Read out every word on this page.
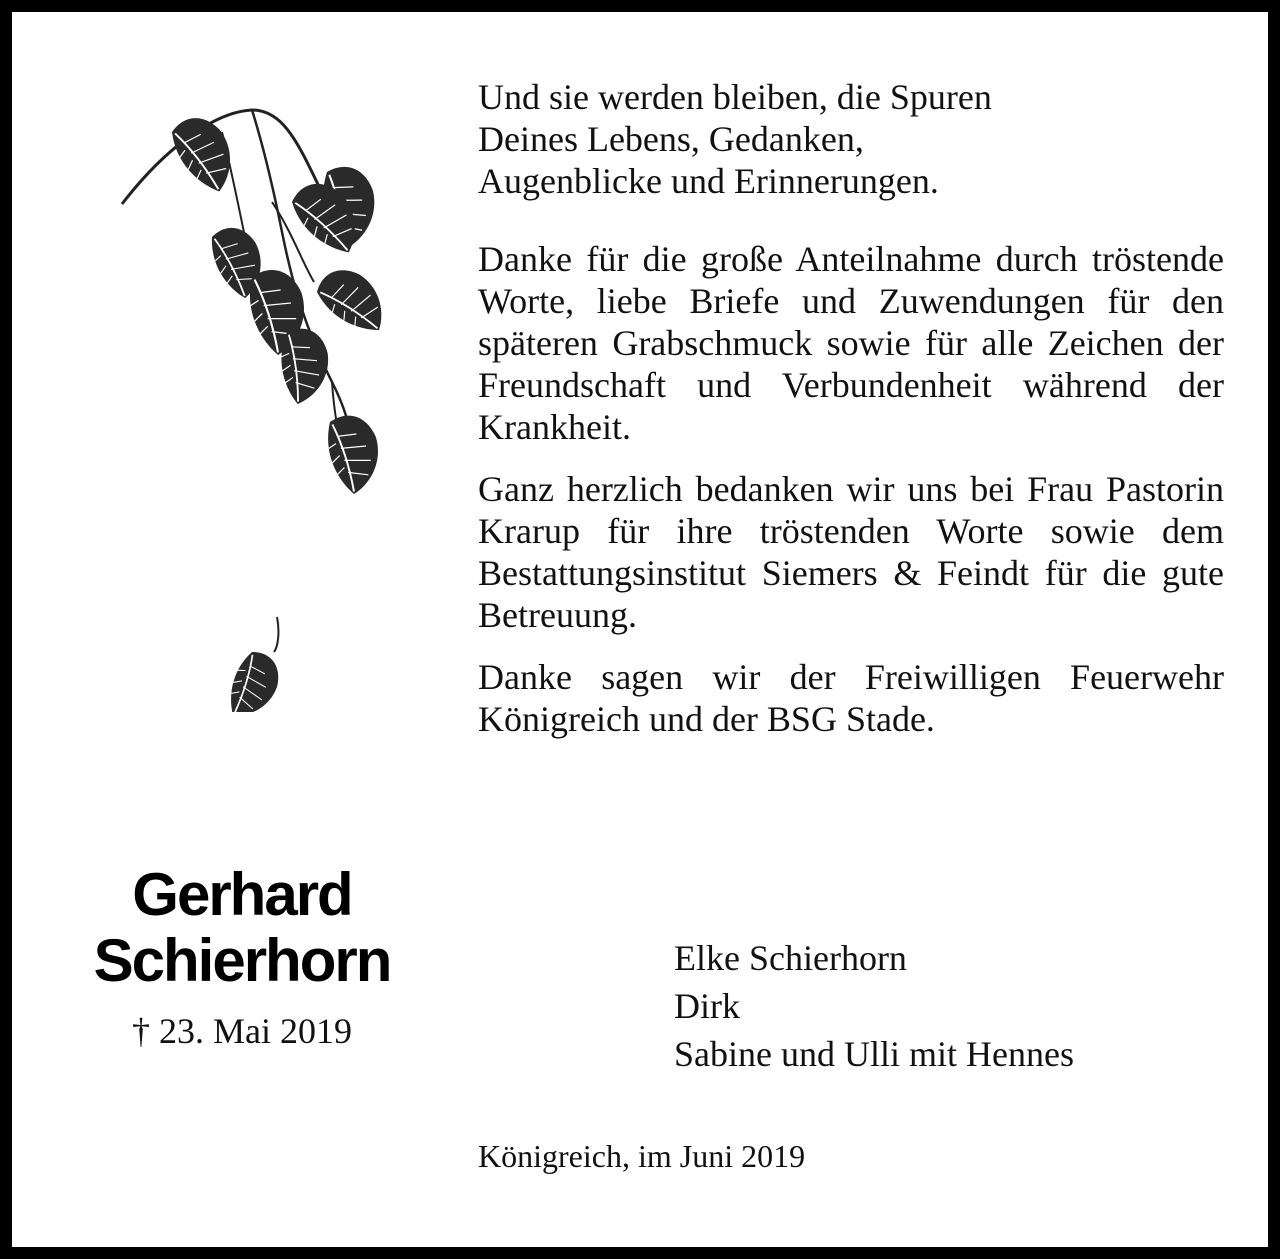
Und sie werden bleiben, die Spuren

Deines Lebens, Gedanken,

Augenblicke und Erinnerungen.

Danke für die große Anteilnahme durch tröstende Worte, liebe Briefe und Zuwendungen für den späteren Grabschmuck sowie für alle Zeichen der Freundschaft und Verbundenheit während der Krankheit.

Ganz herzlich bedanken wir uns bei Frau Pastorin Krarup für ihre tröstenden Worte sowie dem Bestattungsinstitut Siemers & Feindt für die gute Betreuung.

Danke sagen wir der Freiwilligen Feuerwehr Königreich und der BSG Stade.

Gerhard
Schierhorn
† 23. Mai 2019
Elke Schierhorn
Dirk
Sabine und Ulli mit Hennes
Königreich, im Juni 2019
